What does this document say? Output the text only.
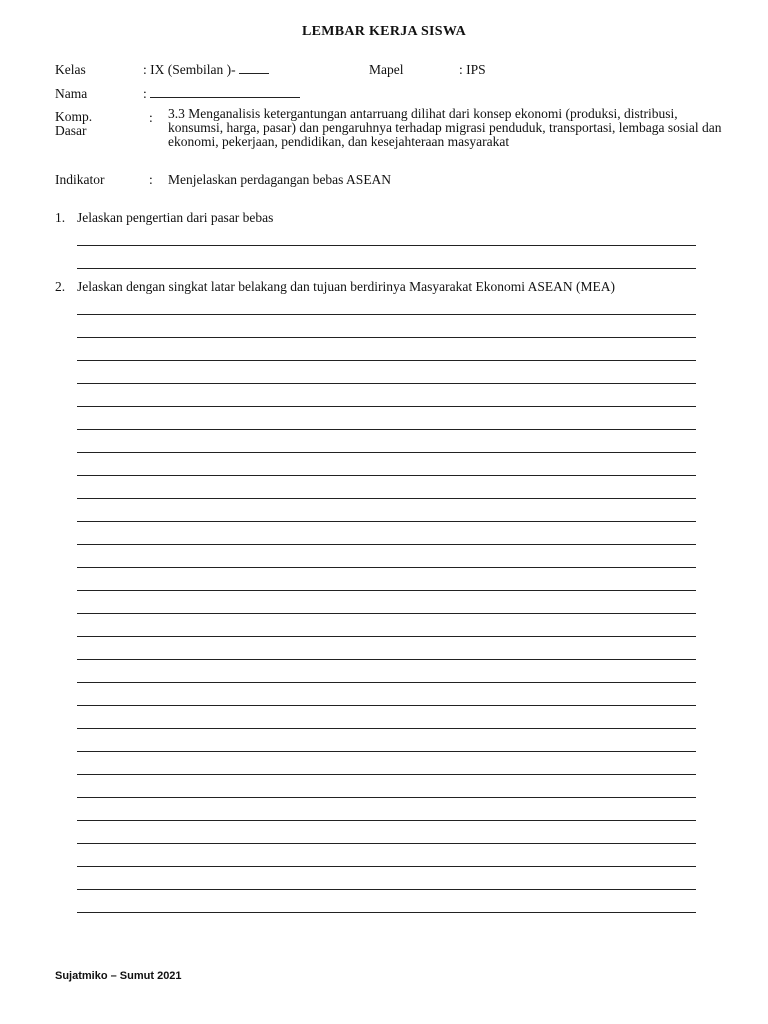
LEMBAR KERJA SISWA
Kelas	: IX (Sembilan )-	Mapel	: IPS
Nama	:
Komp.
Dasar
: 3.3 Menganalisis ketergantungan antarruang dilihat dari konsep ekonomi (produksi, distribusi, konsumsi, harga, pasar) dan pengaruhnya terhadap migrasi penduduk, transportasi, lembaga sosial dan ekonomi, pekerjaan, pendidikan, dan kesejahteraan masyarakat
Indikator	: Menjelaskan perdagangan bebas ASEAN
1. Jelaskan pengertian dari pasar bebas
2. Jelaskan dengan singkat latar belakang dan tujuan berdirinya Masyarakat Ekonomi ASEAN (MEA)
Sujatmiko – Sumut 2021
